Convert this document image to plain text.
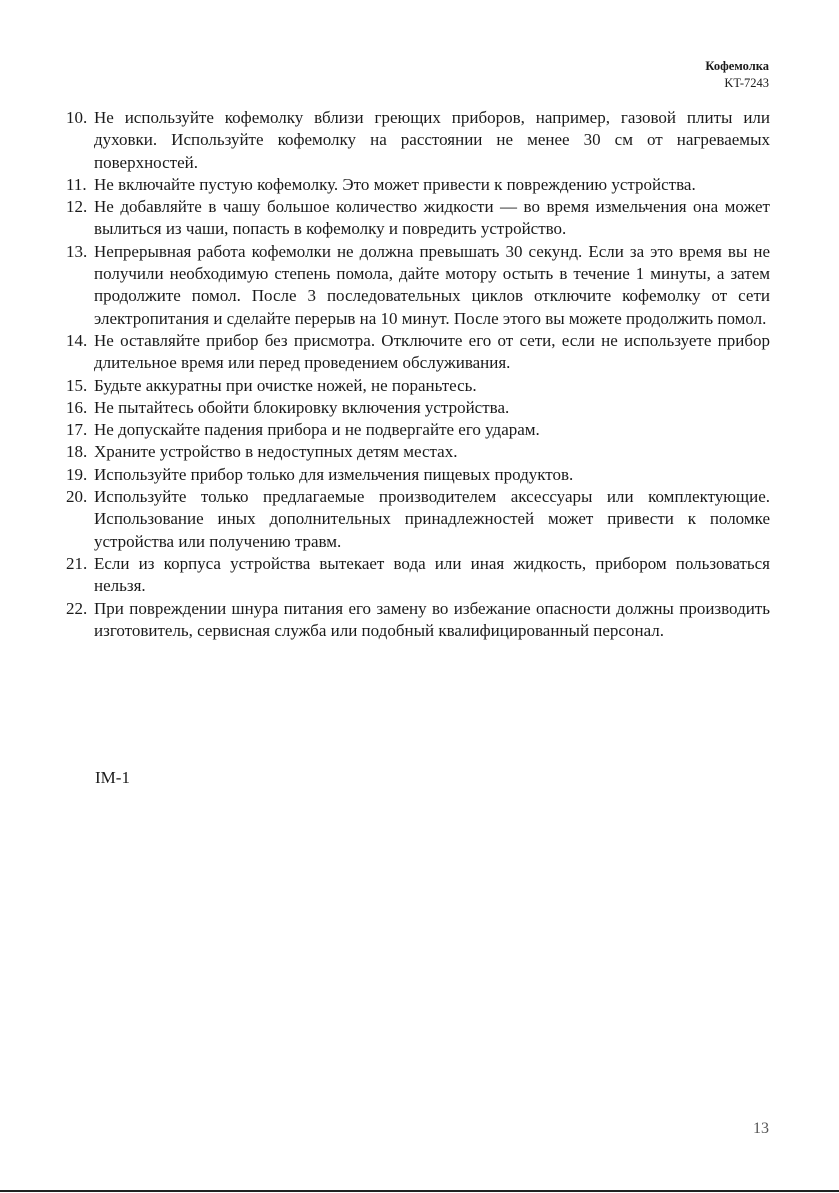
Кофемолка
KT-7243
10. Не используйте кофемолку вблизи греющих приборов, например, газовой плиты или духовки. Используйте кофемолку на расстоянии не менее 30 см от нагреваемых поверхностей.
11. Не включайте пустую кофемолку. Это может привести к повреждению устройства.
12. Не добавляйте в чашу большое количество жидкости — во время измельчения она может вылиться из чаши, попасть в кофемолку и повредить устройство.
13. Непрерывная работа кофемолки не должна превышать 30 секунд. Если за это время вы не получили необходимую степень помола, дайте мотору остыть в течение 1 минуты, а затем продолжите помол. После 3 последовательных циклов отключите кофемолку от сети электропитания и сделайте перерыв на 10 минут. После этого вы можете продолжить помол.
14. Не оставляйте прибор без присмотра. Отключите его от сети, если не используете прибор длительное время или перед проведением обслуживания.
15. Будьте аккуратны при очистке ножей, не пораньтесь.
16. Не пытайтесь обойти блокировку включения устройства.
17. Не допускайте падения прибора и не подвергайте его ударам.
18. Храните устройство в недоступных детям местах.
19. Используйте прибор только для измельчения пищевых продуктов.
20. Используйте только предлагаемые производителем аксессуары или комплектующие. Использование иных дополнительных принадлежностей может привести к поломке устройства или получению травм.
21. Если из корпуса устройства вытекает вода или иная жидкость, прибором пользоваться нельзя.
22. При повреждении шнура питания его замену во избежание опасности должны производить изготовитель, сервисная служба или подобный квалифицированный персонал.
IM-1
13
